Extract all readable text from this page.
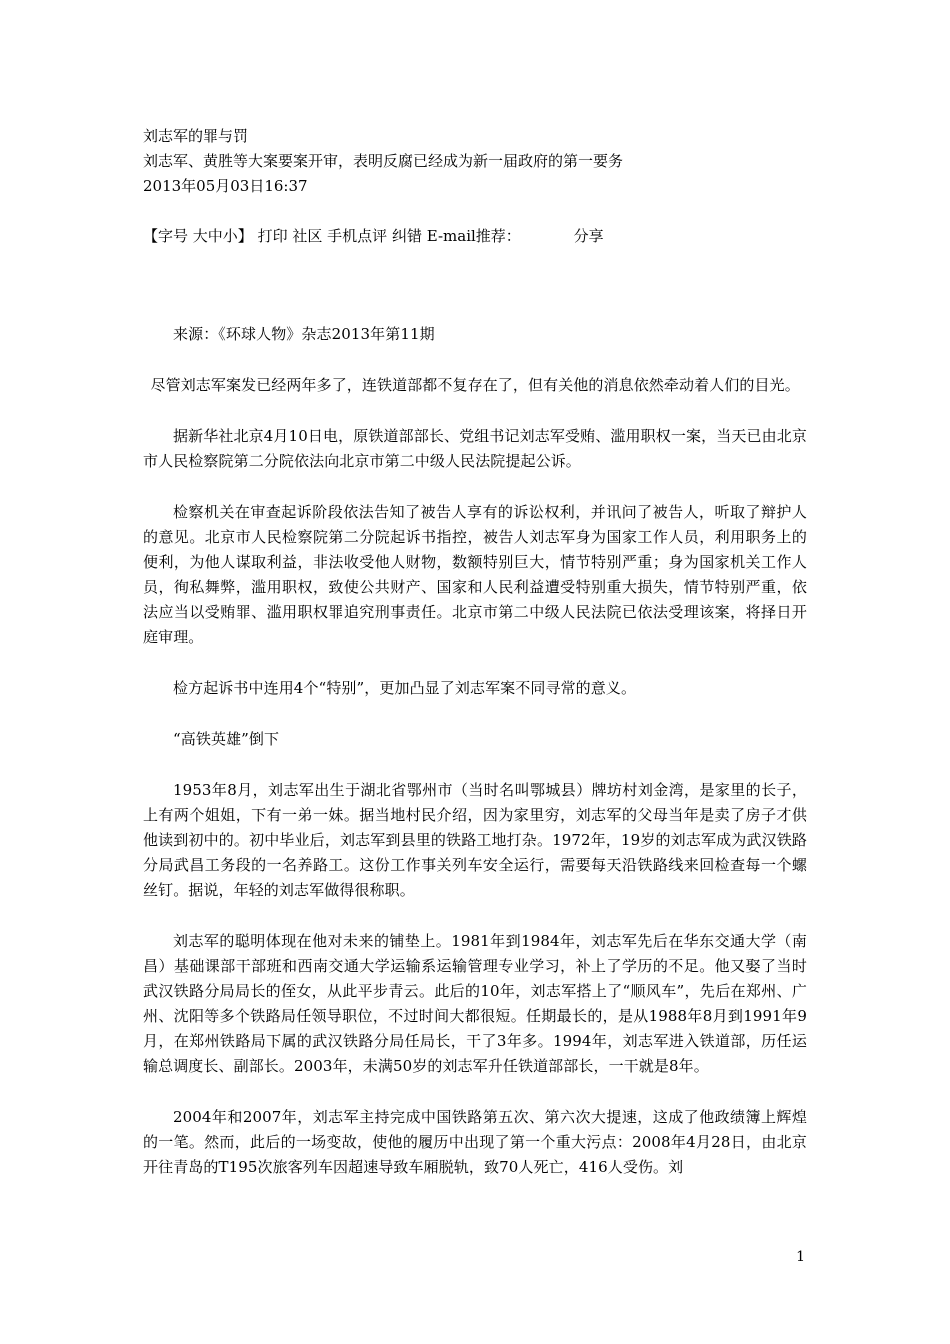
刘志军的罪与罚
刘志军、黄胜等大案要案开审，表明反腐已经成为新一届政府的第一要务
2013年05月03日16:37
【字号 大中小】 打印 社区 手机点评 纠错 E-mail推荐：	分享

来源：《环球人物》杂志2013年第11期

尽管刘志军案发已经两年多了，连铁道部都不复存在了，但有关他的消息依然牵动着人们的目光。

据新华社北京4月10日电，原铁道部部长、党组书记刘志军受贿、滥用职权一案，当天已由北京市人民检察院第二分院依法向北京市第二中级人民法院提起公诉。

检察机关在审查起诉阶段依法告知了被告人享有的诉讼权利，并讯问了被告人，听取了辩护人的意见。北京市人民检察院第二分院起诉书指控，被告人刘志军身为国家工作人员，利用职务上的便利，为他人谋取利益，非法收受他人财物，数额特别巨大，情节特别严重；身为国家机关工作人员，徇私舞弊，滥用职权，致使公共财产、国家和人民利益遭受特别重大损失，情节特别严重，依法应当以受贿罪、滥用职权罪追究刑事责任。北京市第二中级人民法院已依法受理该案，将择日开庭审理。

检方起诉书中连用4个“特别”，更加凸显了刘志军案不同寻常的意义。

“高铁英雄”倒下

1953年8月，刘志军出生于湖北省鄂州市（当时名叫鄂城县）牌坊村刘金湾，是家里的长子，上有两个姐姐，下有一弟一妹。据当地村民介绍，因为家里穷，刘志军的父母当年是卖了房子才供他读到初中的。初中毕业后，刘志军到县里的铁路工地打杂。1972年，19岁的刘志军成为武汉铁路分局武昌工务段的一名养路工。这份工作事关列车安全运行，需要每天沿铁路线来回检查每一个螺丝钉。据说，年轻的刘志军做得很称职。

刘志军的聪明体现在他对未来的铺垫上。1981年到1984年，刘志军先后在华东交通大学（南昌）基础课部干部班和西南交通大学运输系运输管理专业学习，补上了学历的不足。他又娶了当时武汉铁路分局局长的侄女，从此平步青云。此后的10年，刘志军搭上了“顺风车”，先后在郑州、广州、沈阳等多个铁路局任领导职位，不过时间大都很短。任期最长的，是从1988年8月到1991年9月，在郑州铁路局下属的武汉铁路分局任局长，干了3年多。1994年，刘志军进入铁道部，历任运输总调度长、副部长。2003年，未满50岁的刘志军升任铁道部部长，一干就是8年。

2004年和2007年，刘志军主持完成中国铁路第五次、第六次大提速，这成了他政绩簿上辉煌的一笔。然而，此后的一场变故，使他的履历中出现了第一个重大污点：2008年4月28日，由北京开往青岛的T195次旅客列车因超速导致车厢脱轨，致70人死亡，416人受伤。刘

1
